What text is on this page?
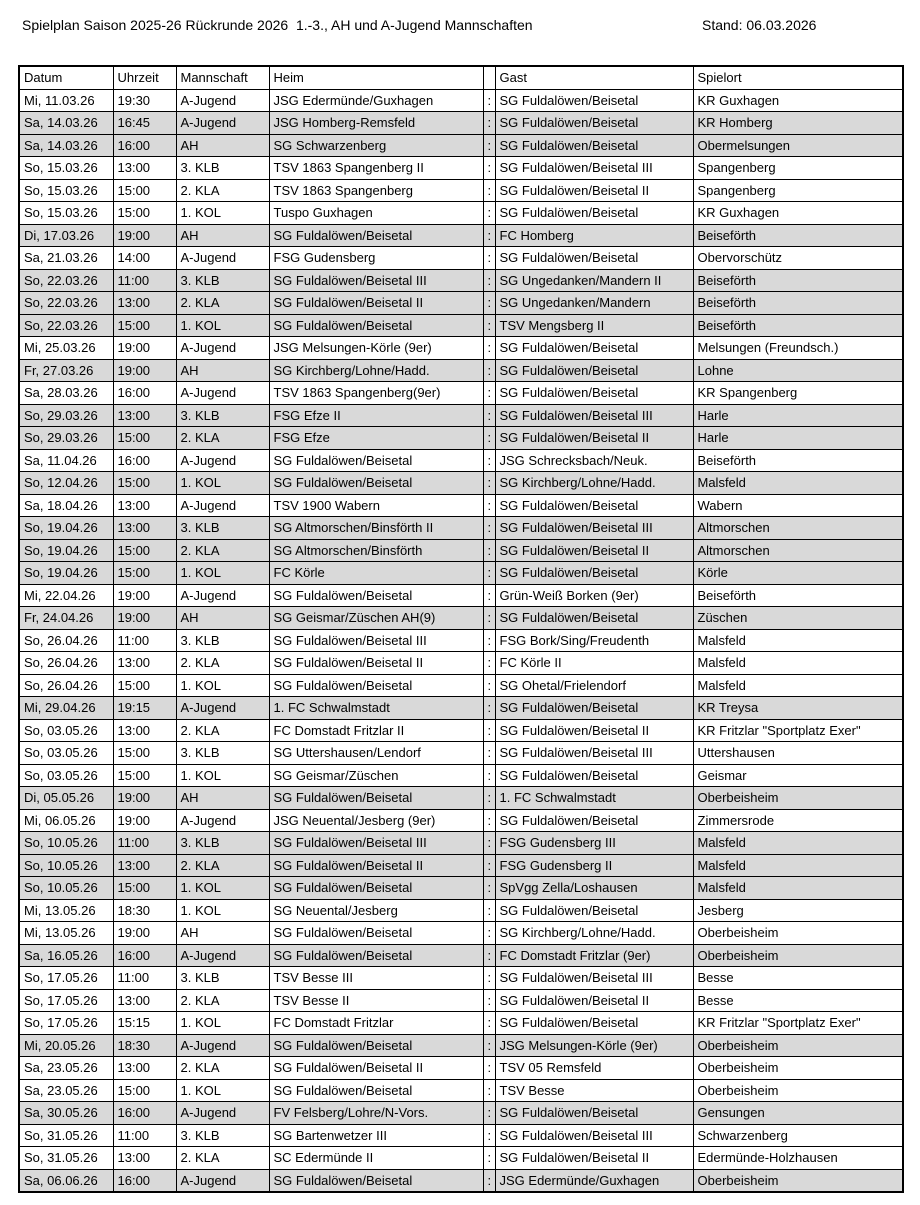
Spielplan Saison 2025-26 Rückrunde 2026  1.-3., AH und A-Jugend Mannschaften	Stand: 06.03.2026
Datum	Uhrzeit	Mannschaft	Heim		Gast	Spielort
Mi, 11.03.26	19:30	A-Jugend	JSG Edermünde/Guxhagen	:	SG Fuldalöwen/Beisetal	KR Guxhagen
Sa, 14.03.26	16:45	A-Jugend	JSG Homberg-Remsfeld	:	SG Fuldalöwen/Beisetal	KR Homberg
Sa, 14.03.26	16:00	AH	SG Schwarzenberg	:	SG Fuldalöwen/Beisetal	Obermelsungen
So, 15.03.26	13:00	3. KLB	TSV 1863 Spangenberg II	:	SG Fuldalöwen/Beisetal III	Spangenberg
So, 15.03.26	15:00	2. KLA	TSV 1863 Spangenberg	:	SG Fuldalöwen/Beisetal II	Spangenberg
So, 15.03.26	15:00	1. KOL	Tuspo Guxhagen	:	SG Fuldalöwen/Beisetal	KR Guxhagen
Di, 17.03.26	19:00	AH	SG Fuldalöwen/Beisetal	:	FC Homberg	Beiseförth
Sa, 21.03.26	14:00	A-Jugend	FSG Gudensberg	:	SG Fuldalöwen/Beisetal	Obervorschütz
So, 22.03.26	11:00	3. KLB	SG Fuldalöwen/Beisetal III	:	SG Ungedanken/Mandern II	Beiseförth
So, 22.03.26	13:00	2. KLA	SG Fuldalöwen/Beisetal II	:	SG Ungedanken/Mandern	Beiseförth
So, 22.03.26	15:00	1. KOL	SG Fuldalöwen/Beisetal	:	TSV Mengsberg II	Beiseförth
Mi, 25.03.26	19:00	A-Jugend	JSG Melsungen-Körle (9er)	:	SG Fuldalöwen/Beisetal	Melsungen (Freundsch.)
Fr, 27.03.26	19:00	AH	SG Kirchberg/Lohne/Hadd.	:	SG Fuldalöwen/Beisetal	Lohne
Sa, 28.03.26	16:00	A-Jugend	TSV 1863 Spangenberg(9er)	:	SG Fuldalöwen/Beisetal	KR Spangenberg
So, 29.03.26	13:00	3. KLB	FSG Efze II	:	SG Fuldalöwen/Beisetal III	Harle
So, 29.03.26	15:00	2. KLA	FSG Efze	:	SG Fuldalöwen/Beisetal II	Harle
Sa, 11.04.26	16:00	A-Jugend	SG Fuldalöwen/Beisetal	:	JSG Schrecksbach/Neuk.	Beiseförth
So, 12.04.26	15:00	1. KOL	SG Fuldalöwen/Beisetal	:	SG Kirchberg/Lohne/Hadd.	Malsfeld
Sa, 18.04.26	13:00	A-Jugend	TSV 1900 Wabern	:	SG Fuldalöwen/Beisetal	Wabern
So, 19.04.26	13:00	3. KLB	SG Altmorschen/Binsförth II	:	SG Fuldalöwen/Beisetal III	Altmorschen
So, 19.04.26	15:00	2. KLA	SG Altmorschen/Binsförth	:	SG Fuldalöwen/Beisetal II	Altmorschen
So, 19.04.26	15:00	1. KOL	FC Körle	:	SG Fuldalöwen/Beisetal	Körle
Mi, 22.04.26	19:00	A-Jugend	SG Fuldalöwen/Beisetal	:	Grün-Weiß Borken (9er)	Beiseförth
Fr, 24.04.26	19:00	AH	SG Geismar/Züschen AH(9)	:	SG Fuldalöwen/Beisetal	Züschen
So, 26.04.26	11:00	3. KLB	SG Fuldalöwen/Beisetal III	:	FSG Bork/Sing/Freudenth	Malsfeld
So, 26.04.26	13:00	2. KLA	SG Fuldalöwen/Beisetal II	:	FC Körle II	Malsfeld
So, 26.04.26	15:00	1. KOL	SG Fuldalöwen/Beisetal	:	SG Ohetal/Frielendorf	Malsfeld
Mi, 29.04.26	19:15	A-Jugend	1. FC Schwalmstadt	:	SG Fuldalöwen/Beisetal	KR Treysa
So, 03.05.26	13:00	2. KLA	FC Domstadt Fritzlar II	:	SG Fuldalöwen/Beisetal II	KR Fritzlar "Sportplatz Exer"
So, 03.05.26	15:00	3. KLB	SG Uttershausen/Lendorf	:	SG Fuldalöwen/Beisetal III	Uttershausen
So, 03.05.26	15:00	1. KOL	SG Geismar/Züschen	:	SG Fuldalöwen/Beisetal	Geismar
Di, 05.05.26	19:00	AH	SG Fuldalöwen/Beisetal	:	1. FC Schwalmstadt	Oberbeisheim
Mi, 06.05.26	19:00	A-Jugend	JSG Neuental/Jesberg (9er)	:	SG Fuldalöwen/Beisetal	Zimmersrode
So, 10.05.26	11:00	3. KLB	SG Fuldalöwen/Beisetal III	:	FSG Gudensberg III	Malsfeld
So, 10.05.26	13:00	2. KLA	SG Fuldalöwen/Beisetal II	:	FSG Gudensberg II	Malsfeld
So, 10.05.26	15:00	1. KOL	SG Fuldalöwen/Beisetal	:	SpVgg Zella/Loshausen	Malsfeld
Mi, 13.05.26	18:30	1. KOL	SG Neuental/Jesberg	:	SG Fuldalöwen/Beisetal	Jesberg
Mi, 13.05.26	19:00	AH	SG Fuldalöwen/Beisetal	:	SG Kirchberg/Lohne/Hadd.	Oberbeisheim
Sa, 16.05.26	16:00	A-Jugend	SG Fuldalöwen/Beisetal	:	FC Domstadt Fritzlar (9er)	Oberbeisheim
So, 17.05.26	11:00	3. KLB	TSV Besse III	:	SG Fuldalöwen/Beisetal III	Besse
So, 17.05.26	13:00	2. KLA	TSV Besse II	:	SG Fuldalöwen/Beisetal II	Besse
So, 17.05.26	15:15	1. KOL	FC Domstadt Fritzlar	:	SG Fuldalöwen/Beisetal	KR Fritzlar "Sportplatz Exer"
Mi, 20.05.26	18:30	A-Jugend	SG Fuldalöwen/Beisetal	:	JSG Melsungen-Körle (9er)	Oberbeisheim
Sa, 23.05.26	13:00	2. KLA	SG Fuldalöwen/Beisetal II	:	TSV 05 Remsfeld	Oberbeisheim
Sa, 23.05.26	15:00	1. KOL	SG Fuldalöwen/Beisetal	:	TSV Besse	Oberbeisheim
Sa, 30.05.26	16:00	A-Jugend	FV Felsberg/Lohre/N-Vors.	:	SG Fuldalöwen/Beisetal	Gensungen
So, 31.05.26	11:00	3. KLB	SG Bartenwetzer III	:	SG Fuldalöwen/Beisetal III	Schwarzenberg
So, 31.05.26	13:00	2. KLA	SC Edermünde II	:	SG Fuldalöwen/Beisetal II	Edermünde-Holzhausen
Sa, 06.06.26	16:00	A-Jugend	SG Fuldalöwen/Beisetal	:	JSG Edermünde/Guxhagen	Oberbeisheim
